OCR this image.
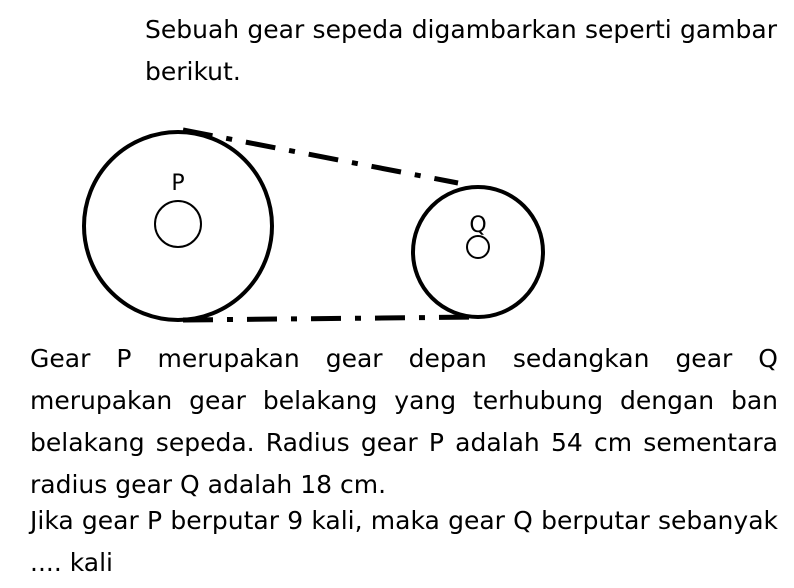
Sebuah gear sepeda digambarkan seperti gambar berikut.

P
Q

Gear P merupakan gear depan sedangkan gear Q merupakan gear belakang yang terhubung dengan ban belakang sepeda. Radius gear P adalah 54 cm sementara radius gear Q adalah 18 cm.

Jika gear P berputar 9 kali, maka gear Q berputar sebanyak .... kali
